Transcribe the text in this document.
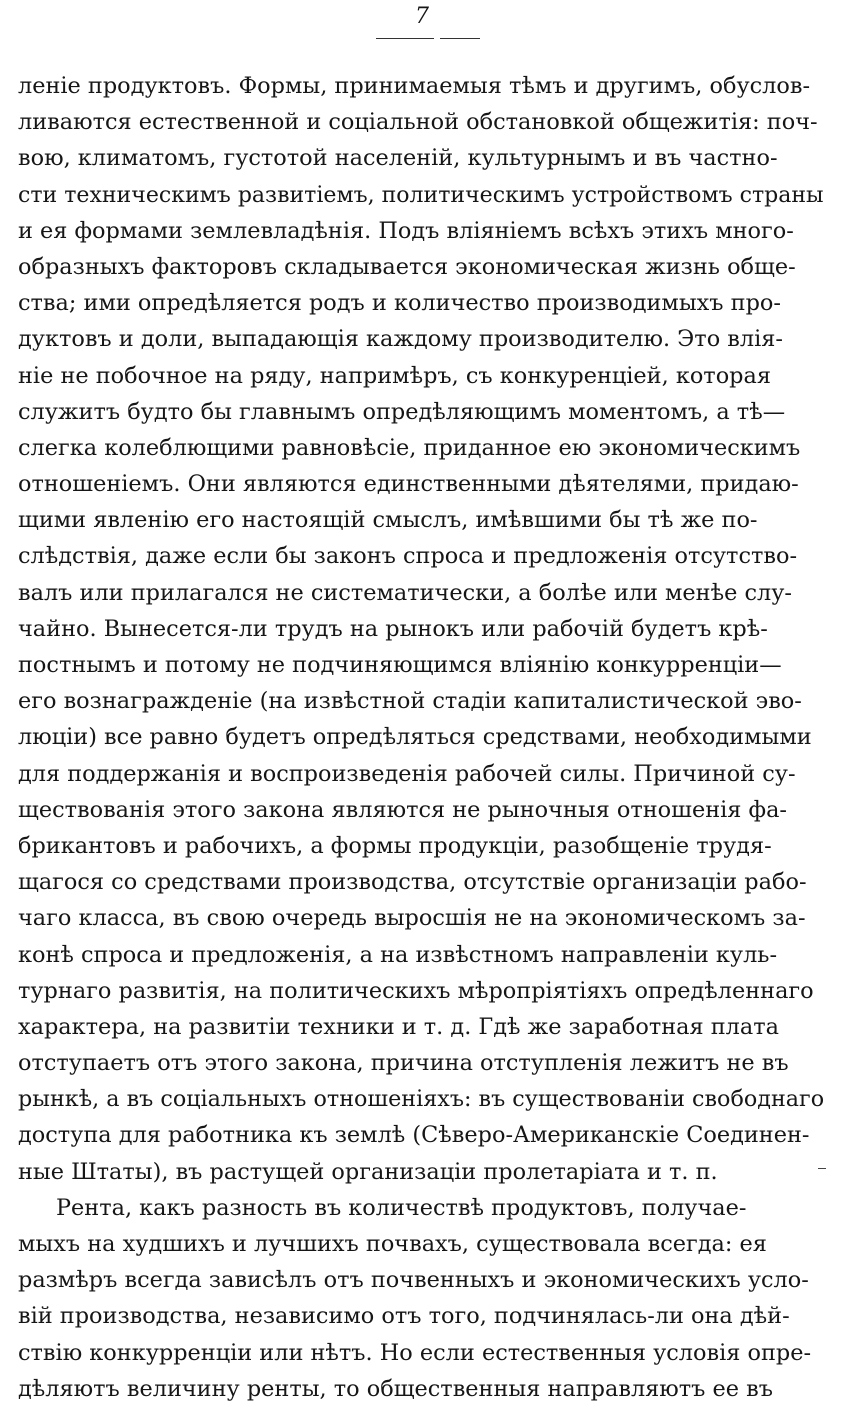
7
леніе продуктовъ. Формы, принимаемыя тѣмъ и другимъ, обуслов-
ливаются естественной и соціальной обстановкой общежитія: поч-
вою, климатомъ, густотой населеній, культурнымъ и въ частно-
сти техническимъ развитіемъ, политическимъ устройствомъ страны
и ея формами землевладѣнія. Подъ вліяніемъ всѣхъ этихъ много-
образныхъ факторовъ складывается экономическая жизнь обще-
ства; ими опредѣляется родъ и количество производимыхъ про-
дуктовъ и доли, выпадающія каждому производителю. Это влія-
ніе не побочное на ряду, напримѣръ, съ конкуренціей, которая
служитъ будто бы главнымъ опредѣляющимъ моментомъ, а тѣ—
слегка колеблющими равновѣсіе, приданное ею экономическимъ
отношеніемъ. Они являются единственными дѣятелями, придаю-
щими явленію его настоящій смыслъ, имѣвшими бы тѣ же по-
слѣдствія, даже если бы законъ спроса и предложенія отсутство-
валъ или прилагался не систематически, а болѣе или менѣе слу-
чайно. Вынесется-ли трудъ на рынокъ или рабочій будетъ крѣ-
постнымъ и потому не подчиняющимся вліянію конкурренціи—
его вознагражденіе (на извѣстной стадіи капиталистической эво-
люціи) все равно будетъ опредѣляться средствами, необходимыми
для поддержанія и воспроизведенія рабочей силы. Причиной су-
ществованія этого закона являются не рыночныя отношенія фа-
брикантовъ и рабочихъ, а формы продукціи, разобщеніе трудя-
щагося со средствами производства, отсутствіе организаціи рабо-
чаго класса, въ свою очередь выросшія не на экономическомъ за-
конѣ спроса и предложенія, а на извѣстномъ направленіи куль-
турнаго развитія, на политическихъ мѣропріятіяхъ опредѣленнаго
характера, на развитіи техники и т. д. Гдѣ же заработная плата
отступаетъ отъ этого закона, причина отступленія лежитъ не въ
рынкѣ, а въ соціальныхъ отношеніяхъ: въ существованіи свободнаго
доступа для работника къ землѣ (Сѣверо-Американскіе Соединен-
ные Штаты), въ растущей организаціи пролетаріата и т. п.
Рента, какъ разность въ количествѣ продуктовъ, получае-
мыхъ на худшихъ и лучшихъ почвахъ, существовала всегда: ея
размѣръ всегда зависѣлъ отъ почвенныхъ и экономическихъ усло-
вій производства, независимо отъ того, подчинялась-ли она дѣй-
ствію конкурренціи или нѣтъ. Но если естественныя условія опре-
дѣляютъ величину ренты, то общественныя направляютъ ее въ
